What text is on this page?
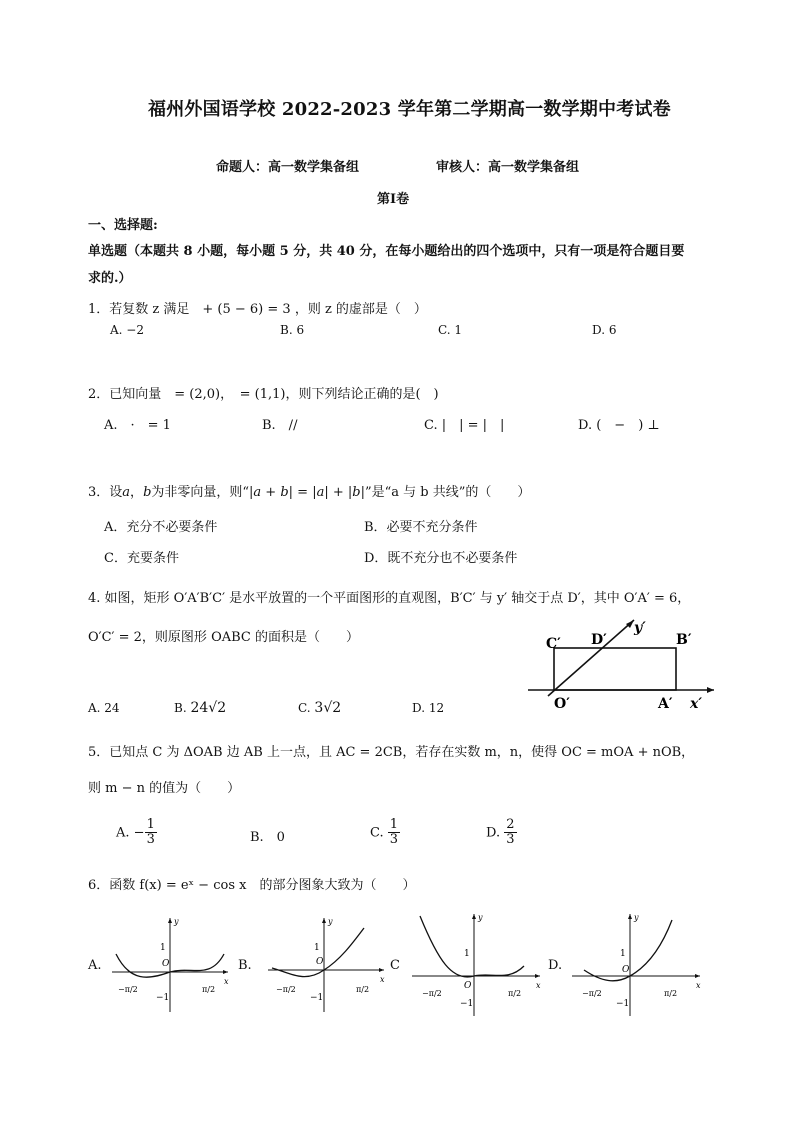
福州外国语学校 2022-2023 学年第二学期高一数学期中考试卷
命题人：高一数学集备组	审核人：高一数学集备组
第Ⅰ卷
一、选择题:
单选题（本题共 8 小题，每小题 5 分，共 40 分，在每小题给出的四个选项中，只有一项是符合题目要
求的.）
1．若复数 z 满足　+ (5 − 6) = 3 ，则 z 的虚部是（　）
A. −2	B. 6	C. 1	D. 6
2．已知向量　= (2,0)，　= (1,1)，则下列结论正确的是(　)
A.　·　= 1	B.　//	C. |　| = |　|	D. (　−　) ⊥
3．设a，b为非零向量，则“|a + b| = |a| + |b|”是“a 与 b 共线”的（　　）
A．充分不必要条件	B．必要不充分条件
C．充要条件	D．既不充分也不必要条件
4. 如图，矩形 O′A′B′C′ 是水平放置的一个平面图形的直观图，B′C′ 与 y′ 轴交于点 D′，其中 O′A′ = 6，
O′C′ = 2，则原图形 OABC 的面积是（　　）
A. 24	B. 24√2	C. 3√2	D. 12
C′ D′	B′
O′	A′ x′
y′
5．已知点 C 为 ΔOAB 边 AB 上一点，且 AC = 2CB，若存在实数 m，n，使得 OC = mOA + nOB，
则 m − n 的值为（　　）
A. − $\frac{1}{3}$	B.　0	C. $\frac{1}{3}$	D. $\frac{2}{3}$
6．函数 f(x) = eˣ − cos x　的部分图象大致为（　　）
A.	B.	C	D.
y
x
1
−1
O
−π/2	π/2
y
x
1
−1
O
−π/2	π/2
y
x
1
−1
O
−π/2	π/2
y
x
1
−1
O
−π/2	π/2
